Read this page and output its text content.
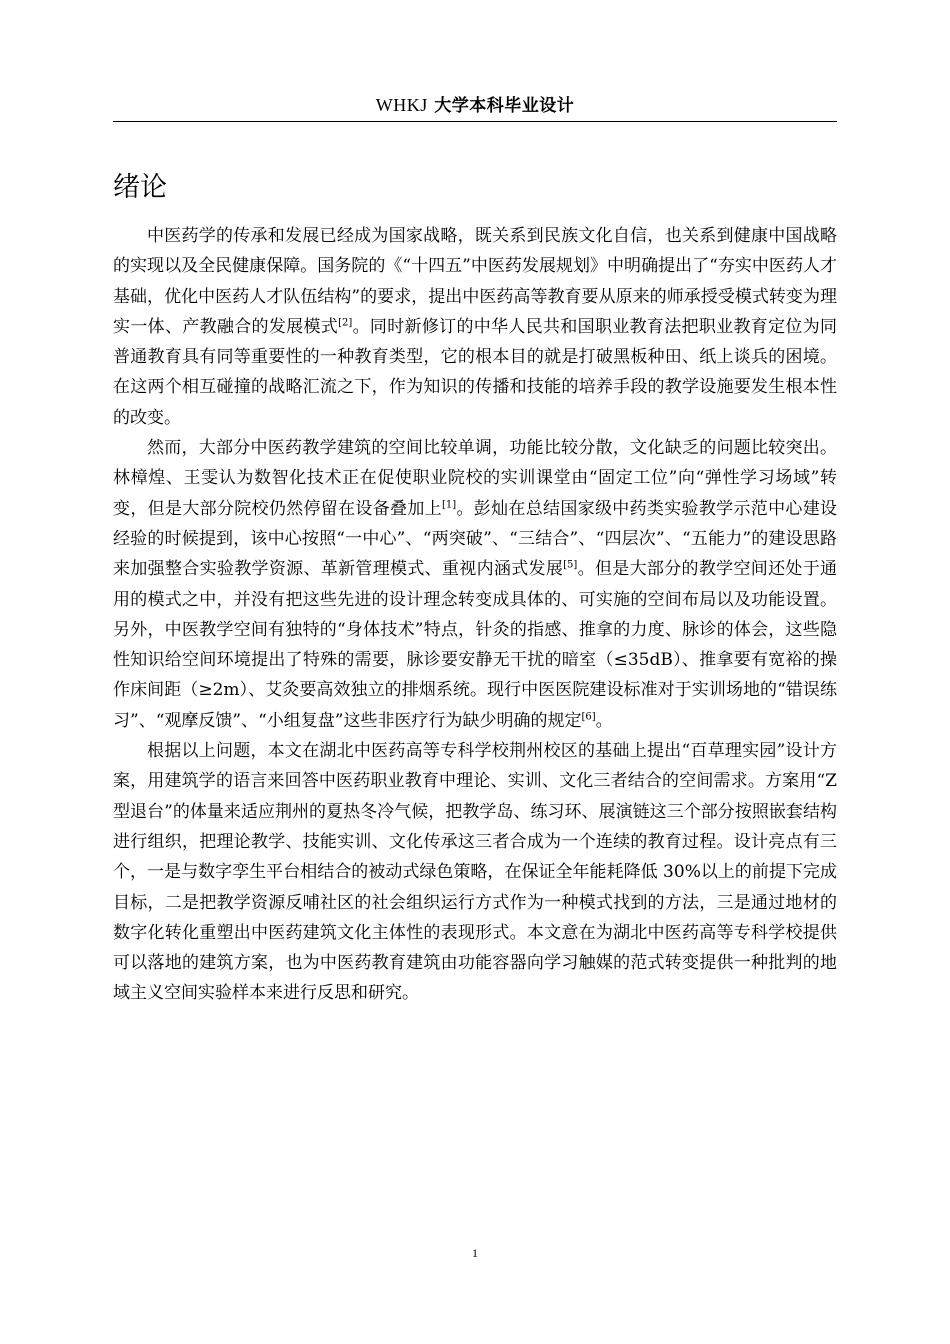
WHKJ 大学本科毕业设计
绪论

中医药学的传承和发展已经成为国家战略，既关系到民族文化自信，也关系到健康中国战略的实现以及全民健康保障。国务院的《“十四五”中医药发展规划》中明确提出了“夯实中医药人才基础，优化中医药人才队伍结构”的要求，提出中医药高等教育要从原来的师承授受模式转变为理实一体、产教融合的发展模式[2]。同时新修订的中华人民共和国职业教育法把职业教育定位为同普通教育具有同等重要性的一种教育类型，它的根本目的就是打破黑板种田、纸上谈兵的困境。在这两个相互碰撞的战略汇流之下，作为知识的传播和技能的培养手段的教学设施要发生根本性的改变。

然而，大部分中医药教学建筑的空间比较单调，功能比较分散，文化缺乏的问题比较突出。林樟煌、王雯认为数智化技术正在促使职业院校的实训课堂由“固定工位”向“弹性学习场域”转变，但是大部分院校仍然停留在设备叠加上[1]。彭灿在总结国家级中药类实验教学示范中心建设经验的时候提到，该中心按照“一中心”、“两突破”、“三结合”、“四层次”、“五能力”的建设思路来加强整合实验教学资源、革新管理模式、重视内涵式发展[5]。但是大部分的教学空间还处于通用的模式之中，并没有把这些先进的设计理念转变成具体的、可实施的空间布局以及功能设置。另外，中医教学空间有独特的“身体技术”特点，针灸的指感、推拿的力度、脉诊的体会，这些隐性知识给空间环境提出了特殊的需要，脉诊要安静无干扰的暗室（≤35dB）、推拿要有宽裕的操作床间距（≥2m）、艾灸要高效独立的排烟系统。现行中医医院建设标准对于实训场地的“错误练习”、“观摩反馈”、“小组复盘”这些非医疗行为缺少明确的规定[6]。

根据以上问题，本文在湖北中医药高等专科学校荆州校区的基础上提出“百草理实园”设计方案，用建筑学的语言来回答中医药职业教育中理论、实训、文化三者结合的空间需求。方案用“Z 型退台”的体量来适应荆州的夏热冬冷气候，把教学岛、练习环、展演链这三个部分按照嵌套结构进行组织，把理论教学、技能实训、文化传承这三者合成为一个连续的教育过程。设计亮点有三个，一是与数字孪生平台相结合的被动式绿色策略，在保证全年能耗降低 30%以上的前提下完成目标，二是把教学资源反哺社区的社会组织运行方式作为一种模式找到的方法，三是通过地材的数字化转化重塑出中医药建筑文化主体性的表现形式。本文意在为湖北中医药高等专科学校提供可以落地的建筑方案，也为中医药教育建筑由功能容器向学习触媒的范式转变提供一种批判的地域主义空间实验样本来进行反思和研究。

1
